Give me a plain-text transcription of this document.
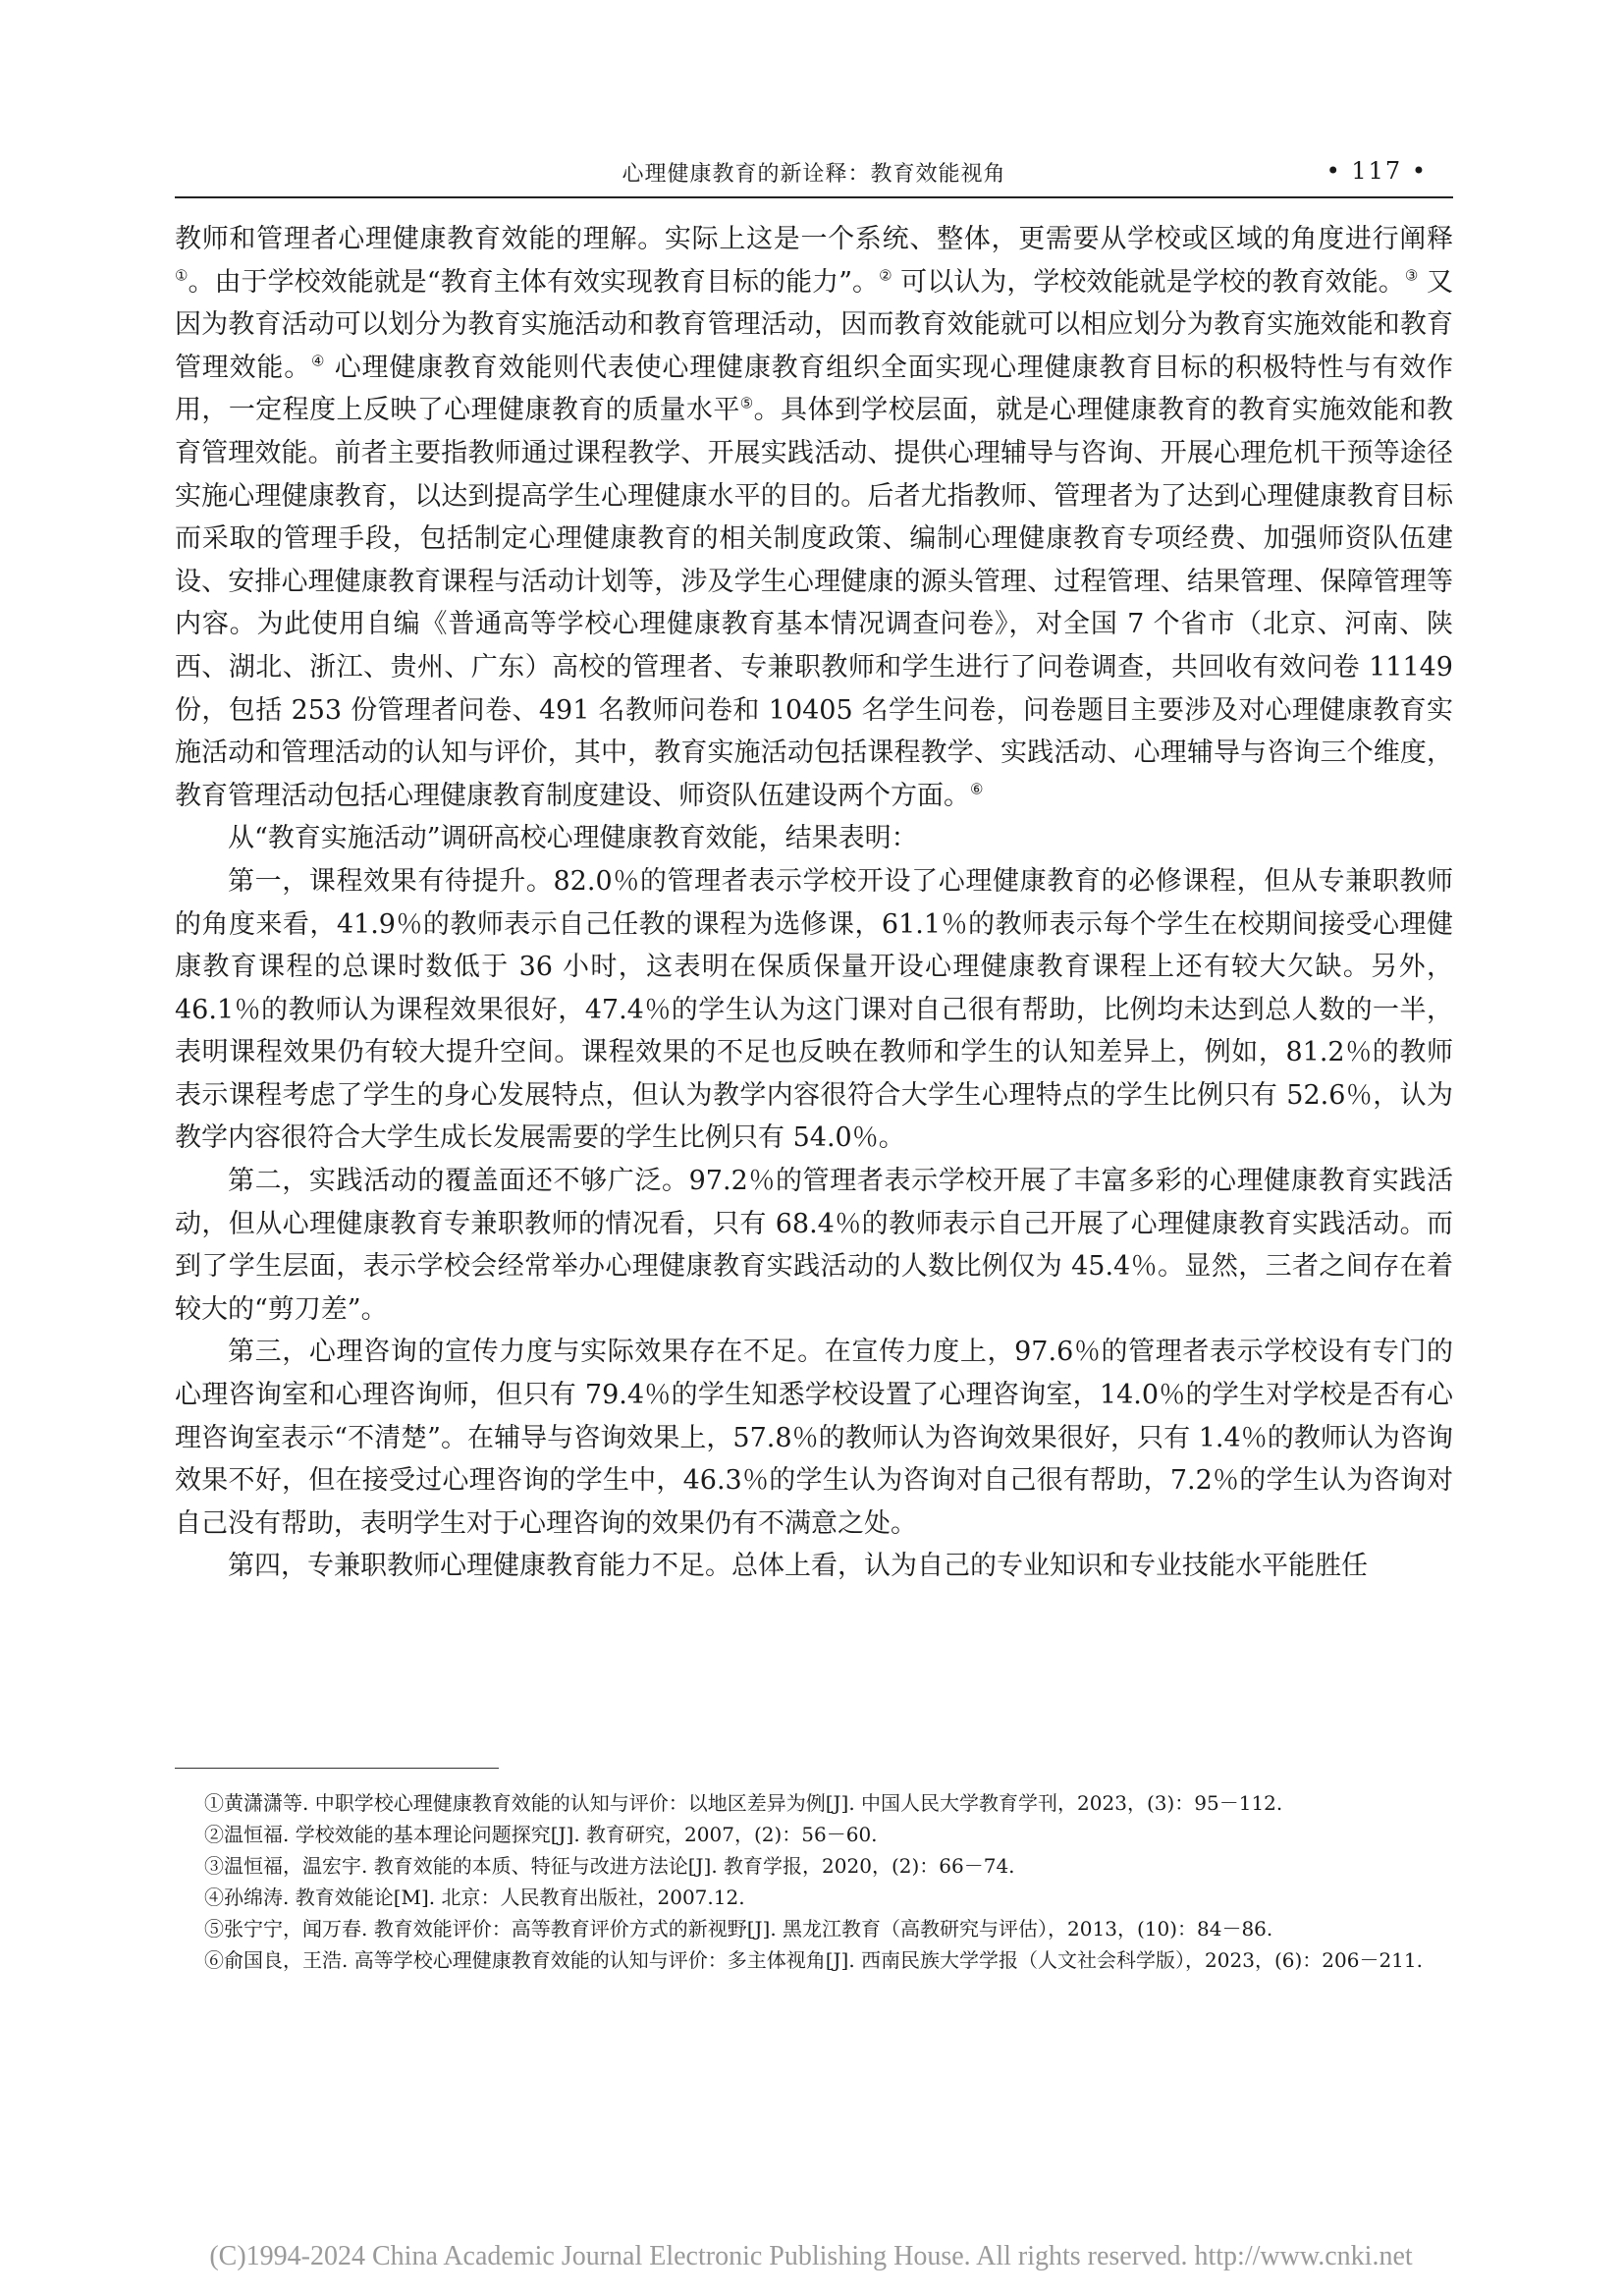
心理健康教育的新诠释：教育效能视角	• 117 •

教师和管理者心理健康教育效能的理解。实际上这是一个系统、整体，更需要从学校或区域的角度进行阐释①。由于学校效能就是“教育主体有效实现教育目标的能力”。② 可以认为，学校效能就是学校的教育效能。③ 又因为教育活动可以划分为教育实施活动和教育管理活动，因而教育效能就可以相应划分为教育实施效能和教育管理效能。④ 心理健康教育效能则代表使心理健康教育组织全面实现心理健康教育目标的积极特性与有效作用，一定程度上反映了心理健康教育的质量水平⑤。具体到学校层面，就是心理健康教育的教育实施效能和教育管理效能。前者主要指教师通过课程教学、开展实践活动、提供心理辅导与咨询、开展心理危机干预等途径实施心理健康教育，以达到提高学生心理健康水平的目的。后者尤指教师、管理者为了达到心理健康教育目标而采取的管理手段，包括制定心理健康教育的相关制度政策、编制心理健康教育专项经费、加强师资队伍建设、安排心理健康教育课程与活动计划等，涉及学生心理健康的源头管理、过程管理、结果管理、保障管理等内容。为此使用自编《普通高等学校心理健康教育基本情况调查问卷》，对全国 7 个省市（北京、河南、陕西、湖北、浙江、贵州、广东）高校的管理者、专兼职教师和学生进行了问卷调查，共回收有效问卷 11149 份，包括 253 份管理者问卷、491 名教师问卷和 10405 名学生问卷，问卷题目主要涉及对心理健康教育实施活动和管理活动的认知与评价，其中，教育实施活动包括课程教学、实践活动、心理辅导与咨询三个维度，教育管理活动包括心理健康教育制度建设、师资队伍建设两个方面。⑥

从“教育实施活动”调研高校心理健康教育效能，结果表明：

第一，课程效果有待提升。82.0％的管理者表示学校开设了心理健康教育的必修课程，但从专兼职教师的角度来看，41.9％的教师表示自己任教的课程为选修课，61.1％的教师表示每个学生在校期间接受心理健康教育课程的总课时数低于 36 小时，这表明在保质保量开设心理健康教育课程上还有较大欠缺。另外，46.1％的教师认为课程效果很好，47.4％的学生认为这门课对自己很有帮助，比例均未达到总人数的一半，表明课程效果仍有较大提升空间。课程效果的不足也反映在教师和学生的认知差异上，例如，81.2％的教师表示课程考虑了学生的身心发展特点，但认为教学内容很符合大学生心理特点的学生比例只有 52.6％，认为教学内容很符合大学生成长发展需要的学生比例只有 54.0％。

第二，实践活动的覆盖面还不够广泛。97.2％的管理者表示学校开展了丰富多彩的心理健康教育实践活动，但从心理健康教育专兼职教师的情况看，只有 68.4％的教师表示自己开展了心理健康教育实践活动。而到了学生层面，表示学校会经常举办心理健康教育实践活动的人数比例仅为 45.4％。显然，三者之间存在着较大的“剪刀差”。

第三，心理咨询的宣传力度与实际效果存在不足。在宣传力度上，97.6％的管理者表示学校设有专门的心理咨询室和心理咨询师，但只有 79.4％的学生知悉学校设置了心理咨询室，14.0％的学生对学校是否有心理咨询室表示“不清楚”。在辅导与咨询效果上，57.8％的教师认为咨询效果很好，只有 1.4％的教师认为咨询效果不好，但在接受过心理咨询的学生中，46.3％的学生认为咨询对自己很有帮助，7.2％的学生认为咨询对自己没有帮助，表明学生对于心理咨询的效果仍有不满意之处。

第四，专兼职教师心理健康教育能力不足。总体上看，认为自己的专业知识和专业技能水平能胜任

①黄潇潇等. 中职学校心理健康教育效能的认知与评价：以地区差异为例[J]. 中国人民大学教育学刊，2023，(3)：95－112.

②温恒福. 学校效能的基本理论问题探究[J]. 教育研究，2007，(2)：56－60.

③温恒福，温宏宇. 教育效能的本质、特征与改进方法论[J]. 教育学报，2020，(2)：66－74.

④孙绵涛. 教育效能论[M]. 北京：人民教育出版社，2007.12.

⑤张宁宁，闻万春. 教育效能评价：高等教育评价方式的新视野[J]. 黑龙江教育（高教研究与评估），2013，(10)：84－86.

⑥俞国良，王浩. 高等学校心理健康教育效能的认知与评价：多主体视角[J]. 西南民族大学学报（人文社会科学版），2023，(6)：206－211.

(C)1994-2024 China Academic Journal Electronic Publishing House. All rights reserved. http://www.cnki.net
